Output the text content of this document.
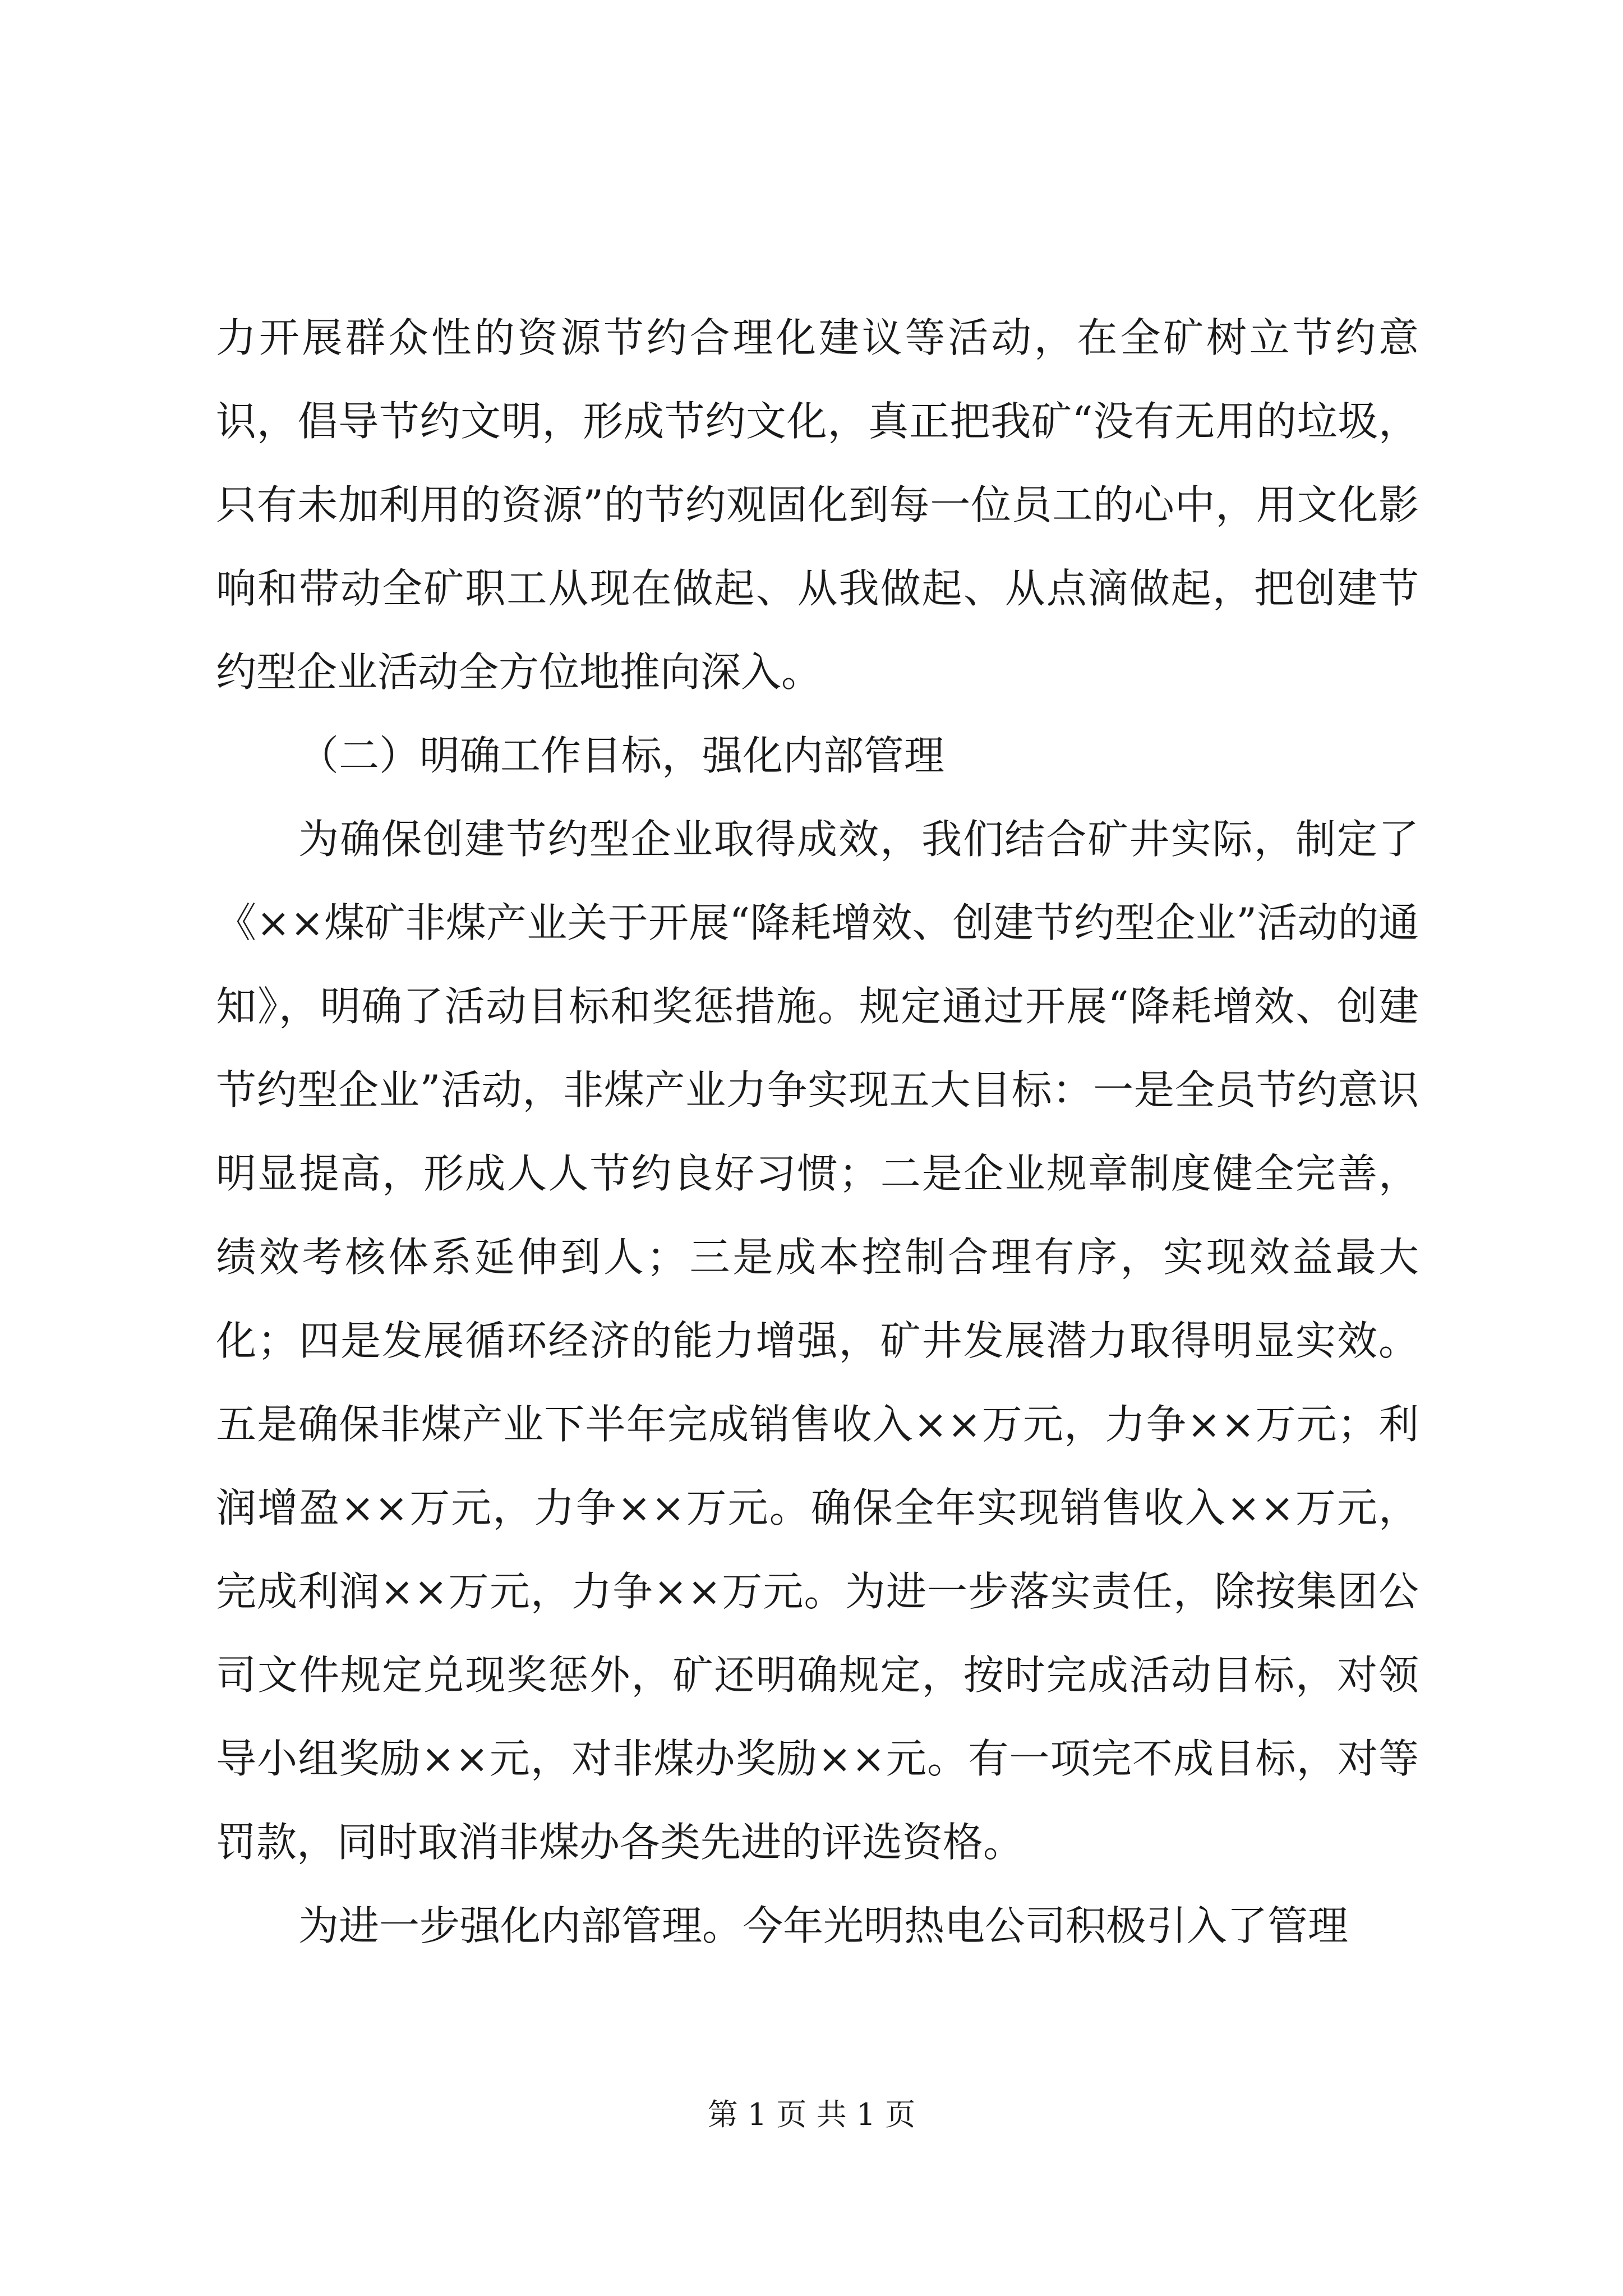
力开展群众性的资源节约合理化建议等活动，在全矿树立节约意识，倡导节约文明，形成节约文化，真正把我矿“没有无用的垃圾，只有未加利用的资源”的节约观固化到每一位员工的心中，用文化影响和带动全矿职工从现在做起、从我做起、从点滴做起，把创建节约型企业活动全方位地推向深入。

（二）明确工作目标，强化内部管理

为确保创建节约型企业取得成效，我们结合矿井实际，制定了《××煤矿非煤产业关于开展“降耗增效、创建节约型企业”活动的通知》，明确了活动目标和奖惩措施。规定通过开展“降耗增效、创建节约型企业”活动，非煤产业力争实现五大目标：一是全员节约意识明显提高，形成人人节约良好习惯；二是企业规章制度健全完善，绩效考核体系延伸到人；三是成本控制合理有序，实现效益最大化；四是发展循环经济的能力增强，矿井发展潜力取得明显实效。五是确保非煤产业下半年完成销售收入××万元，力争××万元；利润增盈××万元，力争××万元。确保全年实现销售收入××万元，完成利润××万元，力争××万元。为进一步落实责任，除按集团公司文件规定兑现奖惩外，矿还明确规定，按时完成活动目标，对领导小组奖励××元，对非煤办奖励××元。有一项完不成目标，对等罚款，同时取消非煤办各类先进的评选资格。

为进一步强化内部管理。今年光明热电公司积极引入了管理

第 1 页 共 1 页
